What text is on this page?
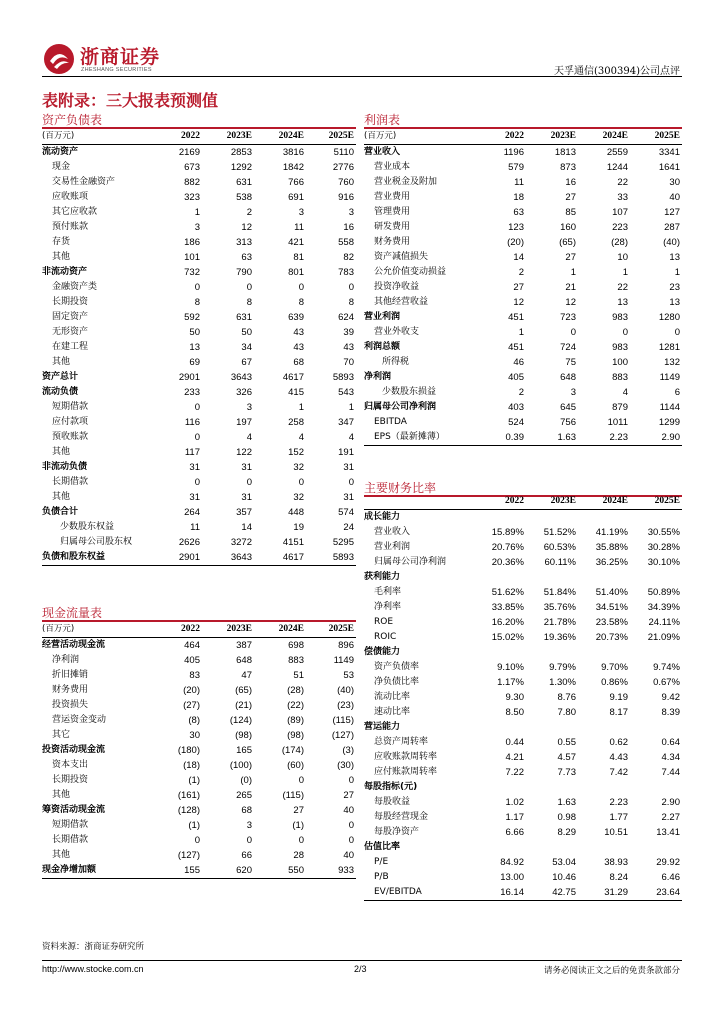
浙商证券
ZHESHANG SECURITIES	天孚通信(300394)公司点评
表附录：三大报表预测值
资产负债表
(百万元)	2022	2023E	2024E	2025E
流动资产	2169	2853	3816	5110
现金	673	1292	1842	2776
交易性金融资产	882	631	766	760
应收账项	323	538	691	916
其它应收款	1	2	3	3
预付账款	3	12	11	16
存货	186	313	421	558
其他	101	63	81	82
非流动资产	732	790	801	783
金融资产类	0	0	0	0
长期投资	8	8	8	8
固定资产	592	631	639	624
无形资产	50	50	43	39
在建工程	13	34	43	43
其他	69	67	68	70
资产总计	2901	3643	4617	5893
流动负债	233	326	415	543
短期借款	0	3	1	1
应付款项	116	197	258	347
预收账款	0	4	4	4
其他	117	122	152	191
非流动负债	31	31	32	31
长期借款	0	0	0	0
其他	31	31	32	31
负债合计	264	357	448	574
少数股东权益	11	14	19	24
归属母公司股东权	2626	3272	4151	5295
负债和股东权益	2901	3643	4617	5893
现金流量表
(百万元)	2022	2023E	2024E	2025E
经营活动现金流	464	387	698	896
净利润	405	648	883	1149
折旧摊销	83	47	51	53
财务费用	(20)	(65)	(28)	(40)
投资损失	(27)	(21)	(22)	(23)
营运资金变动	(8)	(124)	(89)	(115)
其它	30	(98)	(98)	(127)
投资活动现金流	(180)	165	(174)	(3)
资本支出	(18)	(100)	(60)	(30)
长期投资	(1)	(0)	0	0
其他	(161)	265	(115)	27
筹资活动现金流	(128)	68	27	40
短期借款	(1)	3	(1)	0
长期借款	0	0	0	0
其他	(127)	66	28	40
现金净增加额	155	620	550	933
利润表
(百万元)	2022	2023E	2024E	2025E
营业收入	1196	1813	2559	3341
营业成本	579	873	1244	1641
营业税金及附加	11	16	22	30
营业费用	18	27	33	40
管理费用	63	85	107	127
研发费用	123	160	223	287
财务费用	(20)	(65)	(28)	(40)
资产减值损失	14	27	10	13
公允价值变动损益	2	1	1	1
投资净收益	27	21	22	23
其他经营收益	12	12	13	13
营业利润	451	723	983	1280
营业外收支	1	0	0	0
利润总额	451	724	983	1281
所得税	46	75	100	132
净利润	405	648	883	1149
少数股东损益	2	3	4	6
归属母公司净利润	403	645	879	1144
EBITDA	524	756	1011	1299
EPS（最新摊薄）	0.39	1.63	2.23	2.90
主要财务比率
	2022	2023E	2024E	2025E
成长能力				
营业收入	15.89%	51.52%	41.19%	30.55%
营业利润	20.76%	60.53%	35.88%	30.28%
归属母公司净利润	20.36%	60.11%	36.25%	30.10%
获利能力				
毛利率	51.62%	51.84%	51.40%	50.89%
净利率	33.85%	35.76%	34.51%	34.39%
ROE	16.20%	21.78%	23.58%	24.11%
ROIC	15.02%	19.36%	20.73%	21.09%
偿债能力				
资产负债率	9.10%	9.79%	9.70%	9.74%
净负债比率	1.17%	1.30%	0.86%	0.67%
流动比率	9.30	8.76	9.19	9.42
速动比率	8.50	7.80	8.17	8.39
营运能力				
总资产周转率	0.44	0.55	0.62	0.64
应收账款周转率	4.21	4.57	4.43	4.34
应付账款周转率	7.22	7.73	7.42	7.44
每股指标(元)				
每股收益	1.02	1.63	2.23	2.90
每股经营现金	1.17	0.98	1.77	2.27
每股净资产	6.66	8.29	10.51	13.41
估值比率				
P/E	84.92	53.04	38.93	29.92
P/B	13.00	10.46	8.24	6.46
EV/EBITDA	16.14	42.75	31.29	23.64
资料来源：浙商证券研究所
http://www.stocke.com.cn	2/3	请务必阅读正文之后的免责条款部分
